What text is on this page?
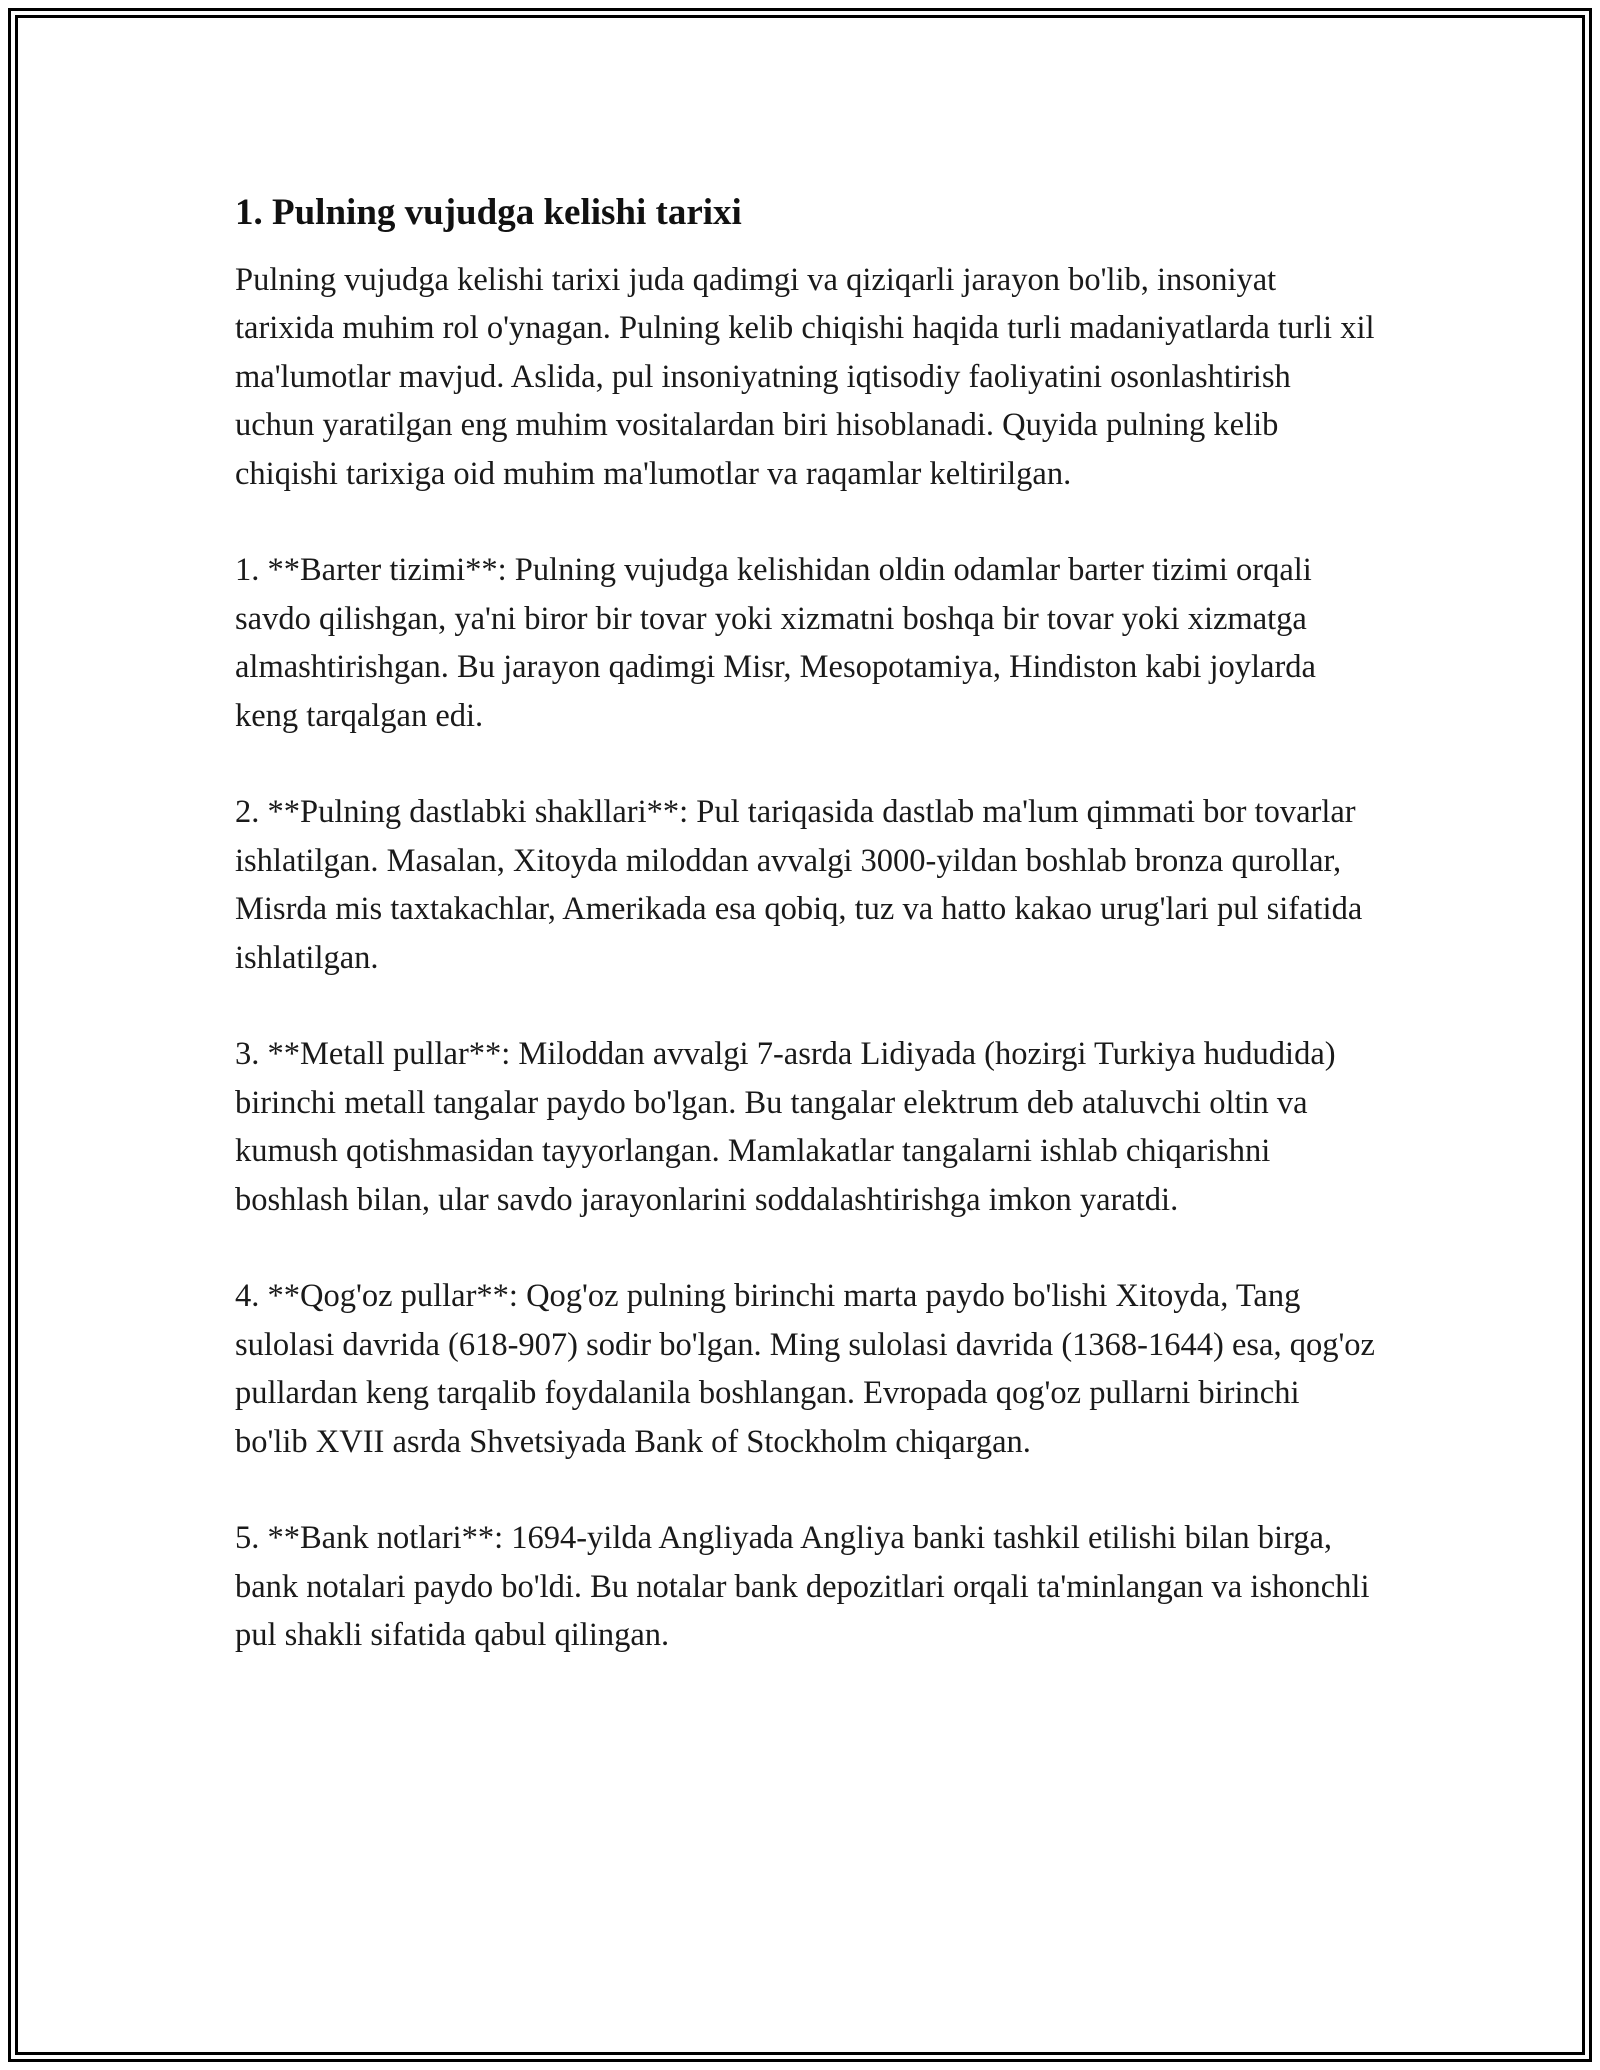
1. Pulning vujudga kelishi tarixi

Pulning vujudga kelishi tarixi juda qadimgi va qiziqarli jarayon bo'lib, insoniyat tarixida muhim rol o'ynagan. Pulning kelib chiqishi haqida turli madaniyatlarda turli xil ma'lumotlar mavjud. Aslida, pul insoniyatning iqtisodiy faoliyatini osonlashtirish uchun yaratilgan eng muhim vositalardan biri hisoblanadi. Quyida pulning kelib chiqishi tarixiga oid muhim ma'lumotlar va raqamlar keltirilgan.

1. **Barter tizimi**: Pulning vujudga kelishidan oldin odamlar barter tizimi orqali savdo qilishgan, ya'ni biror bir tovar yoki xizmatni boshqa bir tovar yoki xizmatga almashtirishgan. Bu jarayon qadimgi Misr, Mesopotamiya, Hindiston kabi joylarda keng tarqalgan edi.

2. **Pulning dastlabki shakllari**: Pul tariqasida dastlab ma'lum qimmati bor tovarlar ishlatilgan. Masalan, Xitoyda miloddan avvalgi 3000-yildan boshlab bronza qurollar, Misrda mis taxtakachlar, Amerikada esa qobiq, tuz va hatto kakao urug'lari pul sifatida ishlatilgan.

3. **Metall pullar**: Miloddan avvalgi 7-asrda Lidiyada (hozirgi Turkiya hududida) birinchi metall tangalar paydo bo'lgan. Bu tangalar elektrum deb ataluvchi oltin va kumush qotishmasidan tayyorlangan. Mamlakatlar tangalarni ishlab chiqarishni boshlash bilan, ular savdo jarayonlarini soddalashtirishga imkon yaratdi.

4. **Qog'oz pullar**: Qog'oz pulning birinchi marta paydo bo'lishi Xitoyda, Tang sulolasi davrida (618-907) sodir bo'lgan. Ming sulolasi davrida (1368-1644) esa, qog'oz pullardan keng tarqalib foydalanila boshlangan. Evropada qog'oz pullarni birinchi bo'lib XVII asrda Shvetsiyada Bank of Stockholm chiqargan.

5. **Bank notlari**: 1694-yilda Angliyada Angliya banki tashkil etilishi bilan birga, bank notalari paydo bo'ldi. Bu notalar bank depozitlari orqali ta'minlangan va ishonchli pul shakli sifatida qabul qilingan.
